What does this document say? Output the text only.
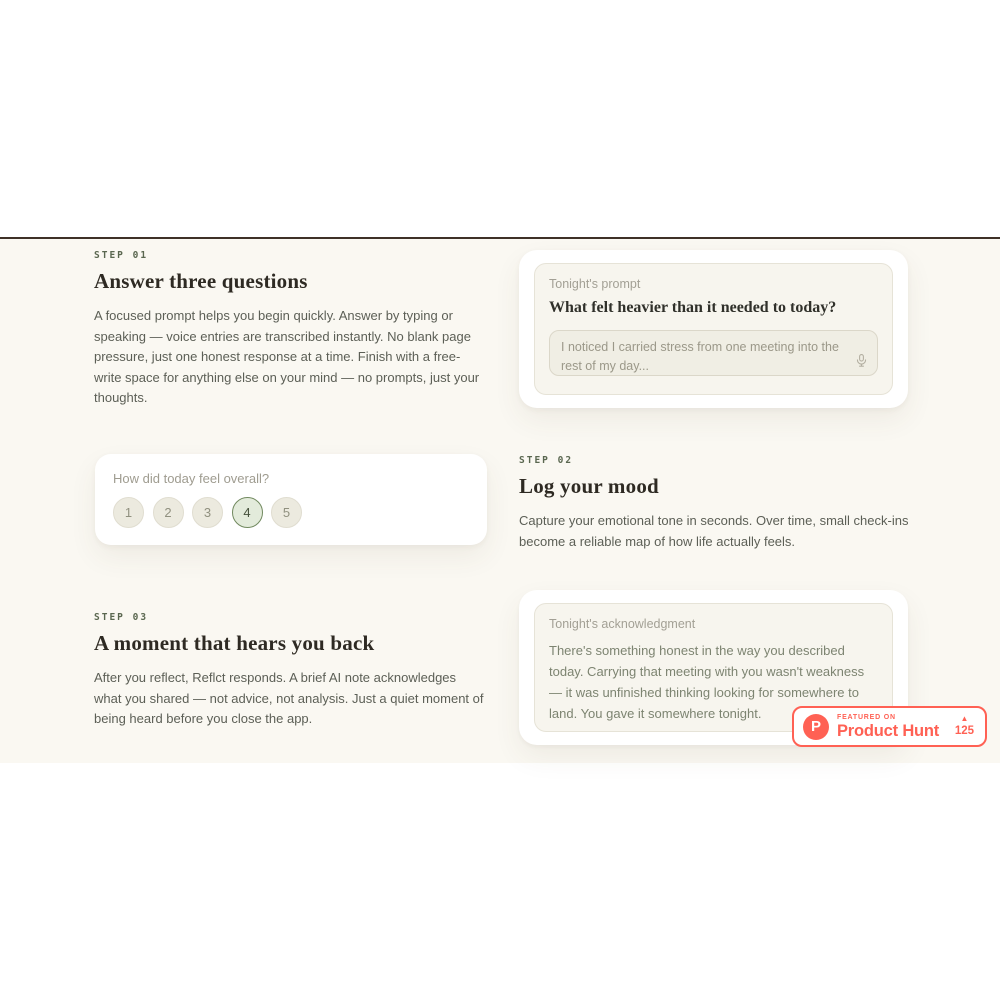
STEP 01
Answer three questions
A focused prompt helps you begin quickly. Answer by typing or speaking — voice entries are transcribed instantly. No blank page pressure, just one honest response at a time. Finish with a free-write space for anything else on your mind — no prompts, just your thoughts.
Tonight's prompt
What felt heavier than it needed to today?
I noticed I carried stress from one meeting into the rest of my day...
How did today feel overall?
1	2	3	4	5
STEP 02
Log your mood
Capture your emotional tone in seconds. Over time, small check-ins become a reliable map of how life actually feels.
STEP 03
A moment that hears you back
After you reflect, Reflct responds. A brief AI note acknowledges what you shared — not advice, not analysis. Just a quiet moment of being heard before you close the app.
Tonight's acknowledgment
There's something honest in the way you described today. Carrying that meeting with you wasn't weakness — it was unfinished thinking looking for somewhere to land. You gave it somewhere tonight.
P
FEATURED ON
Product Hunt
▲
125
